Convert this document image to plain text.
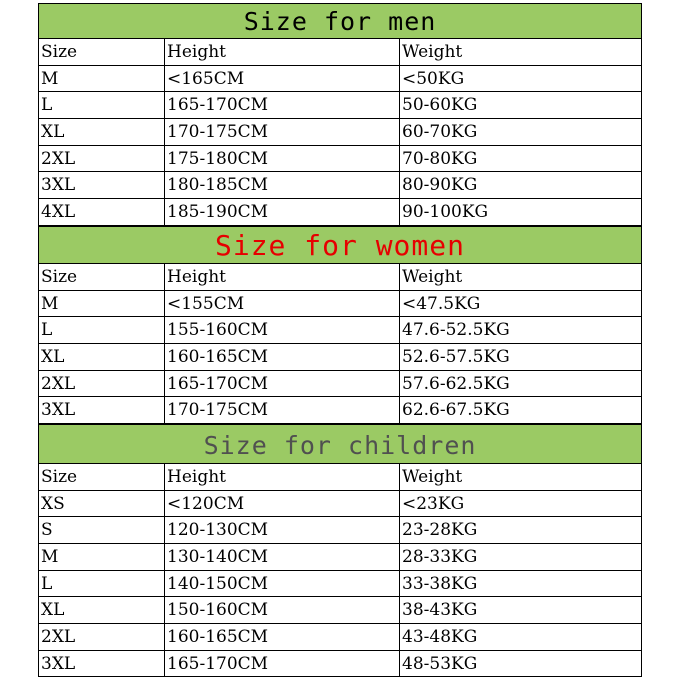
Size for men
Size	Height	Weight
M	<165CM	<50KG
L	165-170CM	50-60KG
XL	170-175CM	60-70KG
2XL	175-180CM	70-80KG
3XL	180-185CM	80-90KG
4XL	185-190CM	90-100KG
Size for women
Size	Height	Weight
M	<155CM	<47.5KG
L	155-160CM	47.6-52.5KG
XL	160-165CM	52.6-57.5KG
2XL	165-170CM	57.6-62.5KG
3XL	170-175CM	62.6-67.5KG
Size for children
Size	Height	Weight
XS	<120CM	<23KG
S	120-130CM	23-28KG
M	130-140CM	28-33KG
L	140-150CM	33-38KG
XL	150-160CM	38-43KG
2XL	160-165CM	43-48KG
3XL	165-170CM	48-53KG
